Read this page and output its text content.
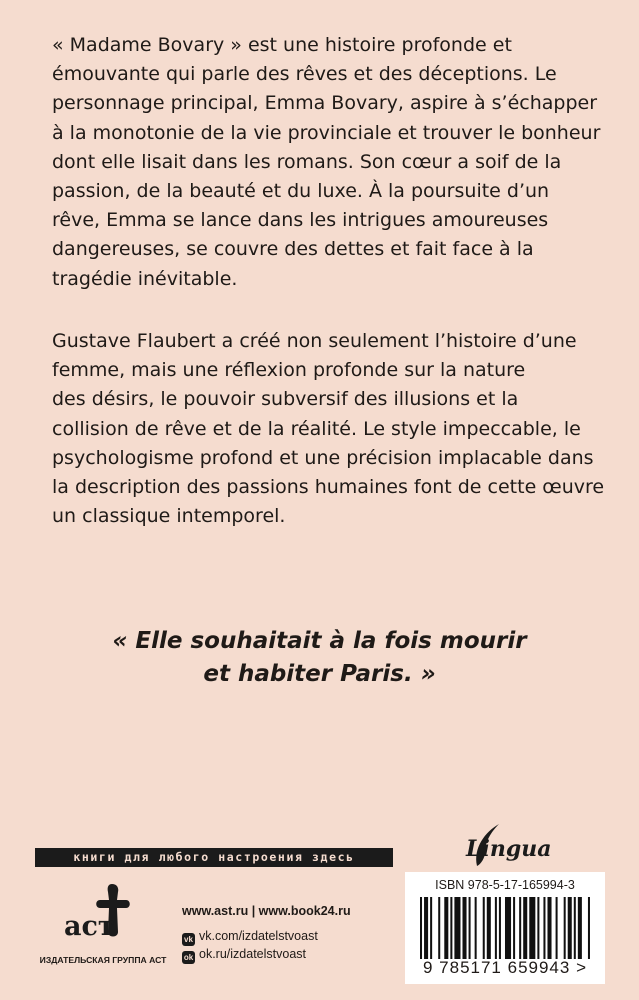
« Madame Bovary » est une histoire profonde et
émouvante qui parle des rêves et des déceptions. Le
personnage principal, Emma Bovary, aspire à s’échapper
à la monotonie de la vie provinciale et trouver le bonheur
dont elle lisait dans les romans. Son cœur a soif de la
passion, de la beauté et du luxe. À la poursuite d’un
rêve, Emma se lance dans les intrigues amoureuses
dangereuses, se couvre des dettes et fait face à la
tragédie inévitable.
Gustave Flaubert a créé non seulement l’histoire d’une
femme, mais une réflexion profonde sur la nature
des désirs, le pouvoir subversif des illusions et la
collision de rêve et de la réalité. Le style impeccable, le
psychologisme profond et une précision implacable dans
la description des passions humaines font de cette œuvre
un classique intemporel.
« Elle souhaitait à la fois mourir
et habiter Paris. »
Lingua
книги для любого настроения здесь
аст
ИЗДАТЕЛЬСКАЯ ГРУППА АСТ
www.ast.ru | www.book24.ru
vk vk.com/izdatelstvoast
ok ok.ru/izdatelstvoast
ISBN 978-5-17-165994-3
9 785171 659943 >
